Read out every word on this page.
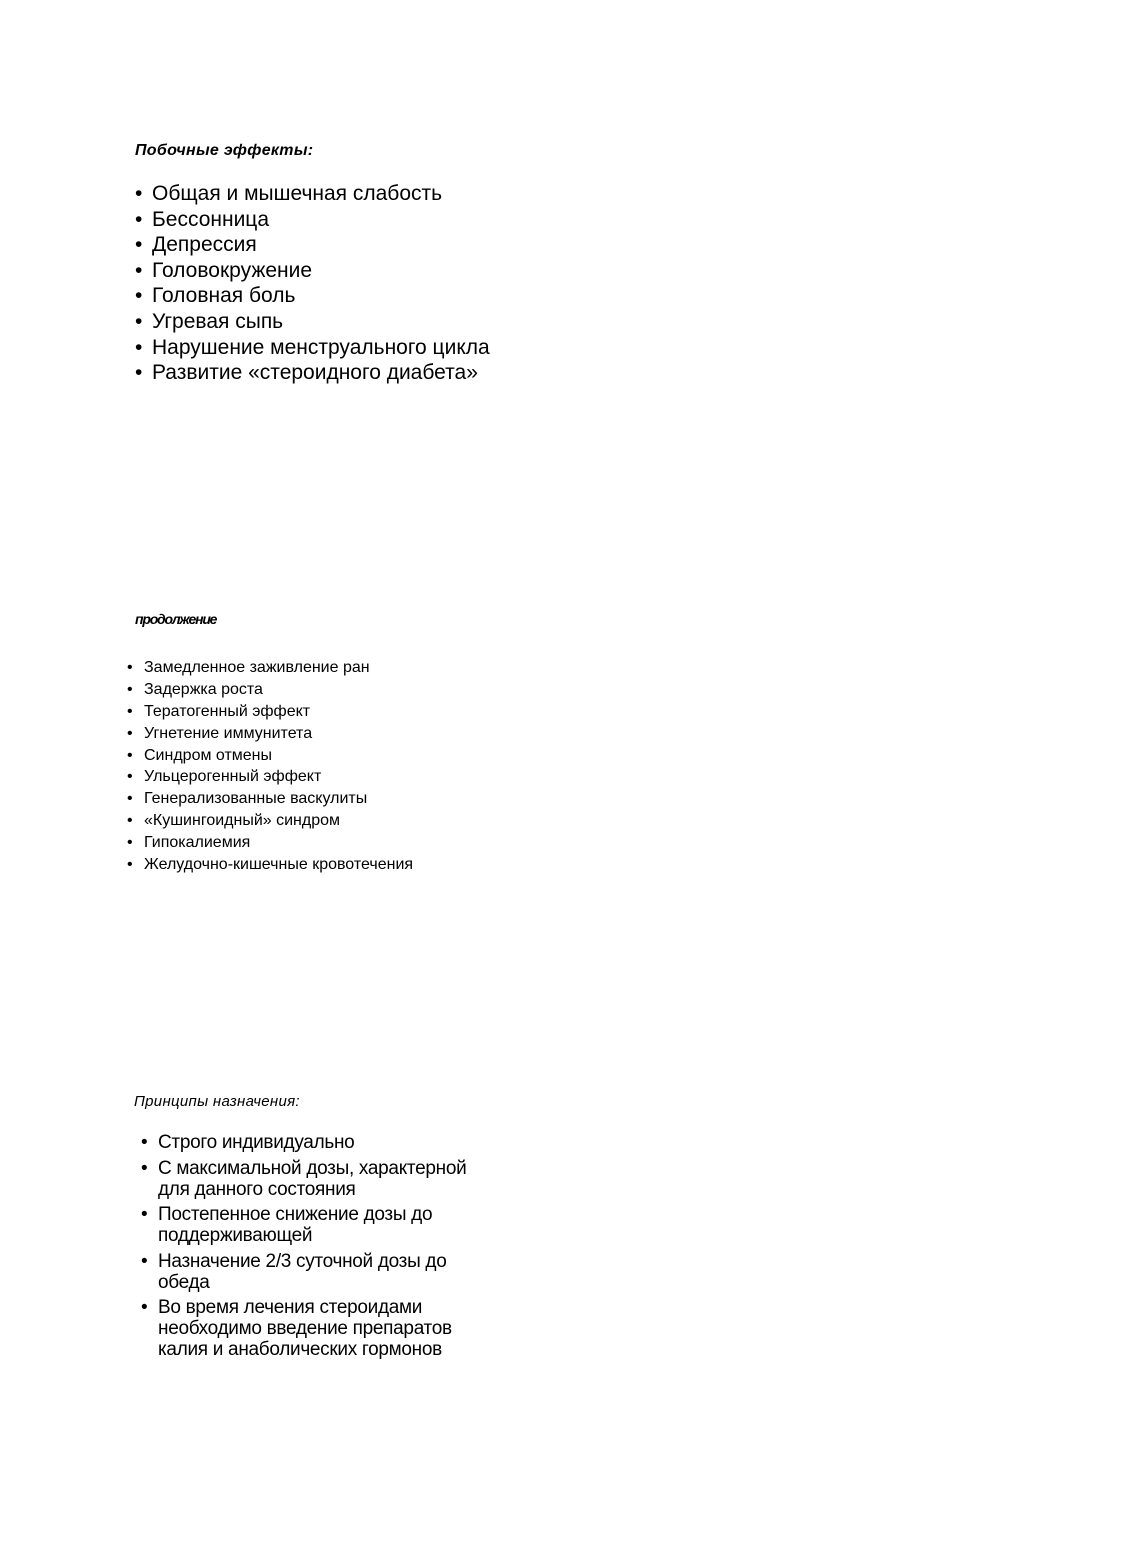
Побочные эффекты:
• Общая и мышечная слабость
• Бессонница
• Депрессия
• Головокружение
• Головная боль
• Угревая сыпь
• Нарушение менструального цикла
• Развитие «стероидного диабета»
продолжение
• Замедленное заживление ран
• Задержка роста
• Тератогенный эффект
• Угнетение иммунитета
• Синдром отмены
• Ульцерогенный эффект
• Генерализованные васкулиты
• «Кушингоидный» синдром
• Гипокалиемия
• Желудочно-кишечные кровотечения
Принципы назначения:
• Строго индивидуально
• С максимальной дозы, характерной
для данного состояния
• Постепенное снижение дозы до
поддерживающей
• Назначение 2/3 суточной дозы до
обеда
• Во время лечения стероидами
необходимо введение препаратов
калия и анаболических гормонов
